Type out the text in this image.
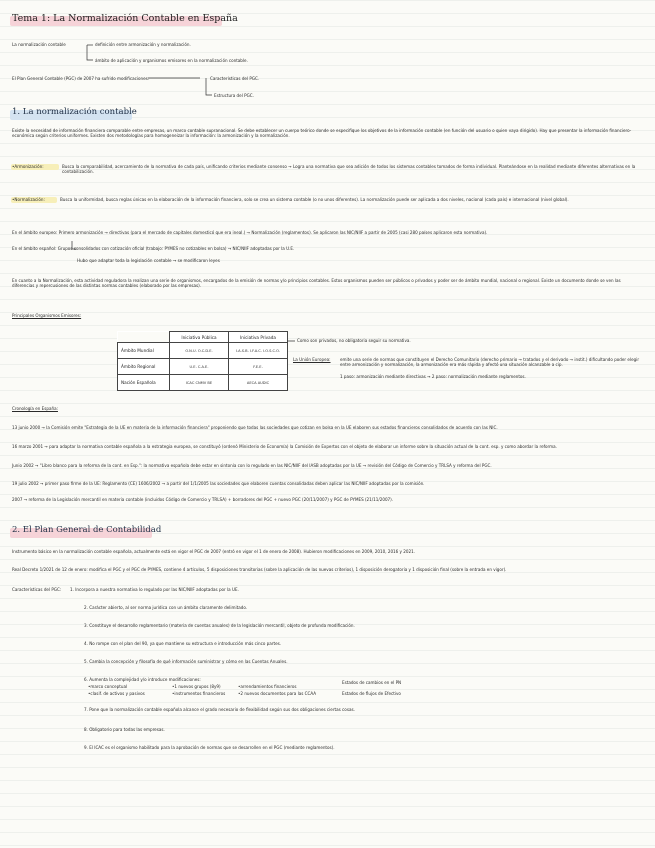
Tema 1: La Normalización Contable en España
La normalización contable	definición entre armonización y normalización.
ámbito de aplicación y organismos emisores en la normalización contable.
El Plan General Contable (PGC) de 2007 ha sufrido modificaciones.	Características del PGC.
Estructura del PGC.
1. La normalización contable
Existe la necesidad de información financiera comparable entre empresas, un marco contable supranacional. Se debe establecer un cuerpo teórico donde se especifique los objetivos de la información contable (en función del usuario o quien vaya dirigido). Hay que presentar la información financiero-económica según criterios uniformes. Existen dos metodologías para homogeneizar la información: la armonización y la normalización.
•Armonización:	Busca la comparabilidad, acercamiento de la normativa de cada país, unificando criterios mediante consenso → Logra una normativa que sea adición de todos los sistemas contables tomados de forma individual. Planteándose en la realidad mediante diferentes alternativas en la contabilización.
•Normalización:	Busca la uniformidad, busca reglas únicas en la elaboración de la información financiera, solo se crea un sistema contable (o no unos diferentes). La normalización puede ser aplicada a dos niveles, nacional (cada país) e internacional (nivel global).
En el ámbito europeo: Primero armonización → directivas (para el mercado de capitales domesticó que era ineal.) → Normalización (reglamentos). Se aplicaron las NIC/NIIF a partir de 2005 (casi 280 países aplicaron esta normativa).
En el ámbito español: Grupos consolidados con cotización oficial (trabajo: PYMES no cotizables en bolsa) → NIC/NIIF adoptadas por la U.E.
Hubo que adaptar toda la legislación contable → se modificaron leyes
En cuanto a la Normalización, esta actividad reguladora la realizan una serie de organismos, encargados de la emisión de normas y/o principios contables. Estos organismos pueden ser públicos o privados y poder ser de ámbito mundial, nacional o regional. Existe un documento donde se ven las diferencias y repercusiones de las distintas normas contables (elaborado por las empresas).
Principales Organismos Emisores:
	Iniciativa Pública	Iniciativa Privada
Ámbito Mundial	O.N.U. O.C.D.E.	I.A.S.B. I.F.A.C. I.O.S.C.O.
Ámbito Regional	U.E. C.A.E.	F.E.E.
Nación Española	ICAC CNMV BE	AECA AUDIC
Como son privados, no obligatoria seguir su normativa.
La Unión Europea: emite una serie de normas que constituyen el Derecho Comunitario (derecho primario → tratados y el derivado → instit.) dificultando poder elegir entre armonización y normalización, la armonización era más rápida y afectó una situación alcanzable a cip.
1 paso: armonización mediante directivas → 2 paso: normalización mediante reglamentos.
Cronología en España:
13 junio 2000 → la Comisión emite "Estrategia de la UE en materia de la información financiera" proponiendo que todas las sociedades que cotizan en bolsa en la UE elaboren sus estados financieros consolidados de acuerdo con las NIC.
16 marzo 2001 → para adaptar la normativa contable española a la estrategia europea, se constituyó (ordenó Ministerio de Economía) la Comisión de Expertos con el objeto de elaborar un informe sobre la situación actual de la cont. esp. y como abordar la reforma.
Junio 2002 → "Libro blanco para la reforma de la cont. en Esp.": la normativa española debe estar en sintonía con lo regulado en las NIC/NIIF del IASB adoptadas por la UE → revisión del Código de Comercio y TRLSA y reforma del PGC.
19 julio 2002 → primer paso firme de la UE: Reglamento (CE) 1606/2002 → a partir del 1/1/2005 las sociedades que elaboren cuentas consolidadas deben aplicar las NIC/NIIF adoptadas por la comisión.
2007 → reforma de la Legislación mercantil en materia contable (incluidos Código de Comercio y TRLSA) + borradores del PGC + nuevo PGC (20/11/2007) y PGC de PYMES (21/11/2007).
2. El Plan General de Contabilidad
Instrumento básico en la normalización contable española, actualmente está en vigor el PGC de 2007 (entró en vigor el 1 de enero de 2008). Hubieron modificaciones en 2009, 2010, 2016 y 2021.
Real Decreto 1/2021 de 12 de enero: modifica el PGC y el PGC de PYMES, contiene 4 artículos, 5 disposiciones transitorias (sobre la aplicación de las nuevas criterios), 1 disposición derogatoria y 1 disposición final (sobre la entrada en vigor).
Características del PGC: 1. Incorpora a nuestra normativa lo regulado por las NIC/NIIF adoptadas por la UE.
2. Carácter abierto, al ser norma jurídica con un ámbito claramente delimitado.
3. Constituye el desarrollo reglamentario (materia de cuentas anuales) de la legislación mercantil, objeto de profunda modificación.
4. No rompe con el plan del 90, ya que mantiene su estructura e introducción más cinco partes.
5. Cambia la concepción y filosofía de qué información suministrar y cómo en las Cuentas Anuales.
6. Aumenta la complejidad y/o introduce modificaciones:
•marco conceptual
•clasif. de activos y pasivos
•1 nuevos grupos (8y9)
•instrumentos financieros
•arrendamientos financieros
•2 nuevos documentos para las CCAA
Estados de cambios en el PN
Estados de flujos de Efectivo
7. Pone que la normalización contable española alcance el grado necesario de flexibilidad según sus dos obligaciones ciertas cosas.
8. Obligatorio para todas las empresas.
9. El ICAC es el organismo habilitado para la aprobación de normas que se desarrollen en el PGC (mediante reglamentos).
